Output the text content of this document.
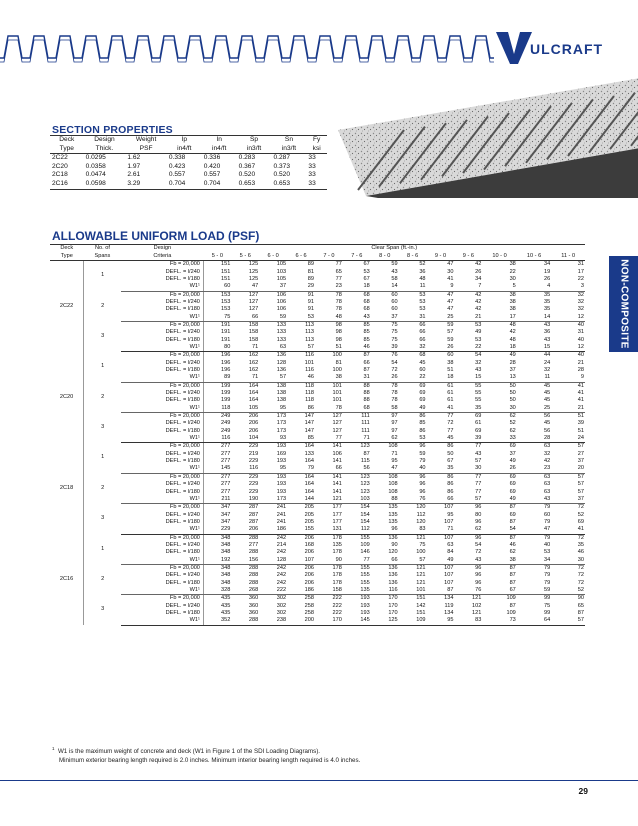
ULCRAFT
SECTION PROPERTIES
Deck	Design	Weight	Ip	In	Sp	Sn	Fy
Type	Thick.	PSF	in4/ft	in4/ft	in3/ft	in3/ft	ksi
2C22	0.0295	1.62	0.338	0.336	0.283	0.287	33
2C20	0.0358	1.97	0.423	0.420	0.367	0.373	33
2C18	0.0474	2.61	0.557	0.557	0.520	0.520	33
2C16	0.0598	3.29	0.704	0.704	0.653	0.653	33
ALLOWABLE UNIFORM LOAD (PSF)
NON-COMPOSITE
Deck	No. of	Design	Clear Span (ft.-in.)												
Type	Spans	Criteria	5 - 0	5 - 6	6 - 0	6 - 6	7 - 0	7 - 6	8 - 0	8 - 6	9 - 0	9 - 6	10 - 0	10 - 6	11 - 0
2C22	1	Fb = 20,000	151	125	105	89	77	67	59	52	47	42	38	34	31
		DEFL. = l/240	151	125	103	81	65	53	43	36	30	26	22	19	17
		DEFL. = l/180	151	125	105	89	77	67	58	48	41	34	30	26	22
		W1¹	60	47	37	29	23	18	14	11	9	7	5	4	3
	2	Fb = 20,000	153	127	106	91	78	68	60	53	47	42	38	35	32
		DEFL. = l/240	153	127	106	91	78	68	60	53	47	42	38	35	32
		DEFL. = l/180	153	127	106	91	78	68	60	53	47	42	38	35	32
		W1¹	75	66	59	53	48	43	37	31	25	21	17	14	12
	3	Fb = 20,000	191	158	133	113	98	85	75	66	59	53	48	43	40
		DEFL. = l/240	191	158	133	113	98	85	75	66	57	49	42	36	31
		DEFL. = l/180	191	158	133	113	98	85	75	66	59	53	48	43	40
		W1¹	80	71	63	57	51	46	39	32	26	22	18	15	12
2C20	1	Fb = 20,000	196	162	136	116	100	87	76	68	60	54	49	44	40
		DEFL. = l/240	196	162	128	101	81	66	54	45	38	32	28	24	21
		DEFL. = l/180	196	162	136	116	100	87	72	60	51	43	37	32	28
		W1¹	89	71	57	46	38	31	26	22	18	15	13	11	9
	2	Fb = 20,000	199	164	138	118	101	88	78	69	61	55	50	45	41
		DEFL. = l/240	199	164	138	118	101	88	78	69	61	55	50	45	41
		DEFL. = l/180	199	164	138	118	101	88	78	69	61	55	50	45	41
		W1¹	118	105	95	86	78	68	58	49	41	35	30	25	21
	3	Fb = 20,000	249	206	173	147	127	111	97	86	77	69	62	56	51
		DEFL. = l/240	249	206	173	147	127	111	97	85	72	61	52	45	39
		DEFL. = l/180	249	206	173	147	127	111	97	86	77	69	62	56	51
		W1¹	116	104	93	85	77	71	62	53	45	39	33	28	24
2C18	1	Fb = 20,000	277	229	193	164	141	123	108	96	86	77	69	63	57
		DEFL. = l/240	277	219	169	133	106	87	71	59	50	43	37	32	27
		DEFL. = l/180	277	229	193	164	141	115	95	79	67	57	49	42	37
		W1¹	145	116	95	79	66	56	47	40	35	30	26	23	20
	2	Fb = 20,000	277	229	193	164	141	123	108	96	86	77	69	63	57
		DEFL. = l/240	277	229	193	164	141	123	108	96	86	77	69	63	57
		DEFL. = l/180	277	229	193	164	141	123	108	96	86	77	69	63	57
		W1¹	211	190	173	144	121	103	88	76	66	57	49	43	37
	3	Fb = 20,000	347	287	241	205	177	154	135	120	107	96	87	79	72
		DEFL. = l/240	347	287	241	205	177	154	135	112	95	80	69	60	52
		DEFL. = l/180	347	287	241	205	177	154	135	120	107	96	87	79	69
		W1¹	229	206	186	155	131	112	96	83	71	62	54	47	41
2C16	1	Fb = 20,000	348	288	242	206	178	155	136	121	107	96	87	79	72
		DEFL. = l/240	348	277	214	168	135	109	90	75	63	54	46	40	35
		DEFL. = l/180	348	288	242	206	178	146	120	100	84	72	62	53	46
		W1¹	192	156	128	107	90	77	66	57	49	43	38	34	30
	2	Fb = 20,000	348	288	242	206	178	155	136	121	107	96	87	79	72
		DEFL. = l/240	348	288	242	206	178	155	136	121	107	96	87	79	72
		DEFL. = l/180	348	288	242	206	178	155	136	121	107	96	87	79	72
		W1¹	328	268	222	186	158	135	116	101	87	76	67	59	52
	3	Fb = 20,000	435	360	302	258	222	193	170	151	134	121	109	99	90
		DEFL. = l/240	435	360	302	258	222	193	170	142	119	102	87	75	65
		DEFL. = l/180	435	360	302	258	222	193	170	151	134	121	109	99	87
		W1¹	352	288	238	200	170	145	125	109	95	83	73	64	57
$^1$ W1 is the maximum weight of concrete and deck (W1 in Figure 1 of the SDI Loading Diagrams).
Minimum exterior bearing length required is 2.0 inches. Minimum interior bearing length required is 4.0 inches.
29
